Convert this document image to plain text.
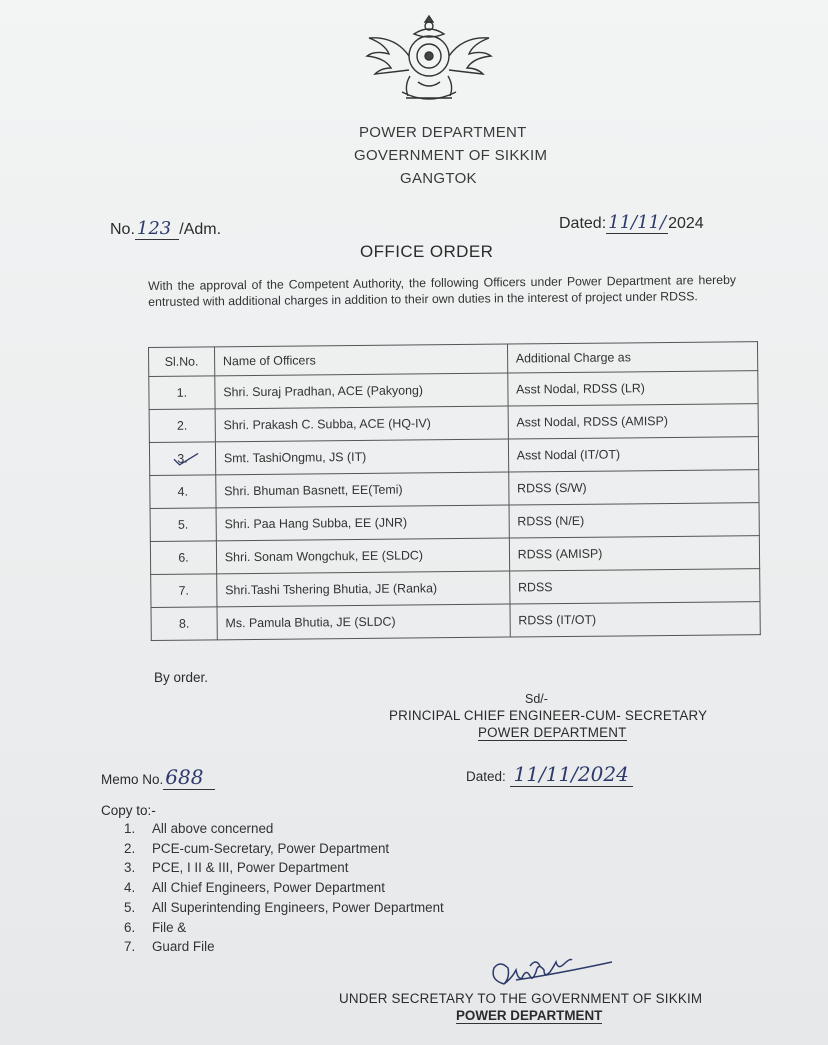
POWER DEPARTMENT
GOVERNMENT OF SIKKIM
GANGTOK
No. 123 /Adm.	Dated: 11/11/ 2024
OFFICE ORDER
With the approval of the Competent Authority, the following Officers under Power Department are hereby entrusted with additional charges in addition to their own duties in the interest of project under RDSS.
Sl.No.	Name of Officers	Additional Charge as
1.	Shri. Suraj Pradhan, ACE (Pakyong)	Asst Nodal, RDSS (LR)
2.	Shri. Prakash C. Subba, ACE (HQ-IV)	Asst Nodal, RDSS (AMISP)
3.	Smt. TashiOngmu, JS (IT)	Asst Nodal (IT/OT)
4.	Shri. Bhuman Basnett, EE(Temi)	RDSS (S/W)
5.	Shri. Paa Hang Subba, EE (JNR)	RDSS (N/E)
6.	Shri. Sonam Wongchuk, EE (SLDC)	RDSS (AMISP)
7.	Shri.Tashi Tshering Bhutia, JE (Ranka)	RDSS
8.	Ms. Pamula Bhutia, JE (SLDC)	RDSS (IT/OT)
By order.
Sd/-
PRINCIPAL CHIEF ENGINEER-CUM- SECRETARY
POWER DEPARTMENT
Memo No. 688	Dated: 11/11/2024
Copy to:-
1. All above concerned
2. PCE-cum-Secretary, Power Department
3. PCE, I II & III, Power Department
4. All Chief Engineers, Power Department
5. All Superintending Engineers, Power Department
6. File &
7. Guard File
UNDER SECRETARY TO THE GOVERNMENT OF SIKKIM
POWER DEPARTMENT
